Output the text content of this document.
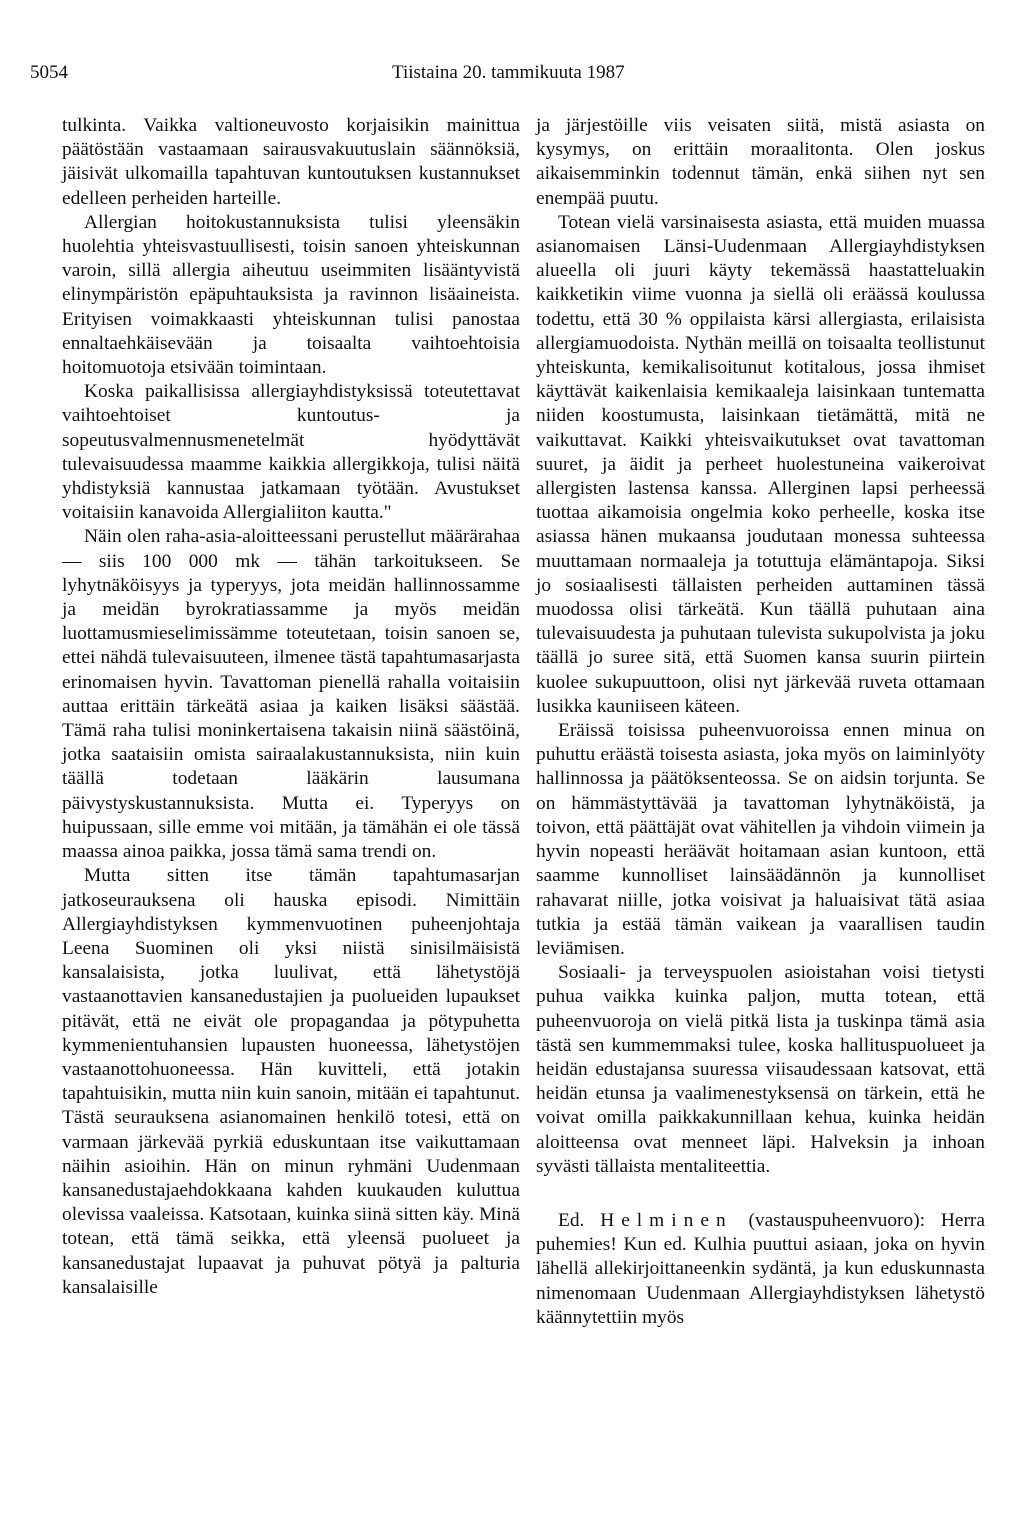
5054	Tiistaina 20. tammikuuta 1987

tulkinta. Vaikka valtioneuvosto korjaisikin mainittua päätöstään vastaamaan sairausvakuutuslain säännöksiä, jäisivät ulkomailla tapahtuvan kuntoutuksen kustannukset edelleen perheiden harteille.

Allergian hoitokustannuksista tulisi yleensäkin huolehtia yhteisvastuullisesti, toisin sanoen yhteiskunnan varoin, sillä allergia aiheutuu useimmiten lisääntyvistä elinympäristön epäpuhtauksista ja ravinnon lisäaineista. Erityisen voimakkaasti yhteiskunnan tulisi panostaa ennaltaehkäisevään ja toisaalta vaihtoehtoisia hoitomuotoja etsivään toimintaan.

Koska paikallisissa allergiayhdistyksissä toteutettavat vaihtoehtoiset kuntoutus- ja sopeutusvalmennusmenetelmät hyödyttävät tulevaisuudessa maamme kaikkia allergikkoja, tulisi näitä yhdistyksiä kannustaa jatkamaan työtään. Avustukset voitaisiin kanavoida Allergialiiton kautta."

Näin olen raha-asia-aloitteessani perustellut määrärahaa — siis 100 000 mk — tähän tarkoitukseen. Se lyhytnäköisyys ja typeryys, jota meidän hallinnossamme ja meidän byrokratiassamme ja myös meidän luottamusmieselimissämme toteutetaan, toisin sanoen se, ettei nähdä tulevaisuuteen, ilmenee tästä tapahtumasarjasta erinomaisen hyvin. Tavattoman pienellä rahalla voitaisiin auttaa erittäin tärkeätä asiaa ja kaiken lisäksi säästää. Tämä raha tulisi moninkertaisena takaisin niinä säästöinä, jotka saataisiin omista sairaalakustannuksista, niin kuin täällä todetaan lääkärin lausumana päivystyskustannuksista. Mutta ei. Typeryys on huipussaan, sille emme voi mitään, ja tämähän ei ole tässä maassa ainoa paikka, jossa tämä sama trendi on.

Mutta sitten itse tämän tapahtumasarjan jatkoseurauksena oli hauska episodi. Nimittäin Allergiayhdistyksen kymmenvuotinen puheenjohtaja Leena Suominen oli yksi niistä sinisilmäisistä kansalaisista, jotka luulivat, että lähetystöjä vastaanottavien kansanedustajien ja puolueiden lupaukset pitävät, että ne eivät ole propagandaa ja pötypuhetta kymmenientuhansien lupausten huoneessa, lähetystöjen vastaanottohuoneessa. Hän kuvitteli, että jotakin tapahtuisikin, mutta niin kuin sanoin, mitään ei tapahtunut. Tästä seurauksena asianomainen henkilö totesi, että on varmaan järkevää pyrkiä eduskuntaan itse vaikuttamaan näihin asioihin. Hän on minun ryhmäni Uudenmaan kansanedustajaehdokkaana kahden kuukauden kuluttua olevissa vaaleissa. Katsotaan, kuinka siinä sitten käy. Minä totean, että tämä seikka, että yleensä puolueet ja kansanedustajat lupaavat ja puhuvat pötyä ja palturia kansalaisille

ja järjestöille viis veisaten siitä, mistä asiasta on kysymys, on erittäin moraalitonta. Olen joskus aikaisemminkin todennut tämän, enkä siihen nyt sen enempää puutu.

Totean vielä varsinaisesta asiasta, että muiden muassa asianomaisen Länsi-Uudenmaan Allergiayhdistyksen alueella oli juuri käyty tekemässä haastatteluakin kaikketikin viime vuonna ja siellä oli eräässä koulussa todettu, että 30 % oppilaista kärsi allergiasta, erilaisista allergiamuodoista. Nythän meillä on toisaalta teollistunut yhteiskunta, kemikalisoitunut kotitalous, jossa ihmiset käyttävät kaikenlaisia kemikaaleja laisinkaan tuntematta niiden koostumusta, laisinkaan tietämättä, mitä ne vaikuttavat. Kaikki yhteisvaikutukset ovat tavattoman suuret, ja äidit ja perheet huolestuneina vaikeroivat allergisten lastensa kanssa. Allerginen lapsi perheessä tuottaa aikamoisia ongelmia koko perheelle, koska itse asiassa hänen mukaansa joudutaan monessa suhteessa muuttamaan normaaleja ja totuttuja elämäntapoja. Siksi jo sosiaalisesti tällaisten perheiden auttaminen tässä muodossa olisi tärkeätä. Kun täällä puhutaan aina tulevaisuudesta ja puhutaan tulevista sukupolvista ja joku täällä jo suree sitä, että Suomen kansa suurin piirtein kuolee sukupuuttoon, olisi nyt järkevää ruveta ottamaan lusikka kauniiseen käteen.

Eräissä toisissa puheenvuoroissa ennen minua on puhuttu eräästä toisesta asiasta, joka myös on laiminlyöty hallinnossa ja päätöksenteossa. Se on aidsin torjunta. Se on hämmästyttävää ja tavattoman lyhytnäköistä, ja toivon, että päättäjät ovat vähitellen ja vihdoin viimein ja hyvin nopeasti heräävät hoitamaan asian kuntoon, että saamme kunnolliset lainsäädännön ja kunnolliset rahavarat niille, jotka voisivat ja haluaisivat tätä asiaa tutkia ja estää tämän vaikean ja vaarallisen taudin leviämisen.

Sosiaali- ja terveyspuolen asioistahan voisi tietysti puhua vaikka kuinka paljon, mutta totean, että puheenvuoroja on vielä pitkä lista ja tuskinpa tämä asia tästä sen kummemmaksi tulee, koska hallituspuolueet ja heidän edustajansa suuressa viisaudessaan katsovat, että heidän etunsa ja vaalimenestyksensä on tärkein, että he voivat omilla paikkakunnillaan kehua, kuinka heidän aloitteensa ovat menneet läpi. Halveksin ja inhoan syvästi tällaista mentaliteettia.

Ed. Helminen (vastauspuheenvuoro): Herra puhemies! Kun ed. Kulhia puuttui asiaan, joka on hyvin lähellä allekirjoittaneenkin sydäntä, ja kun eduskunnasta nimenomaan Uudenmaan Allergiayhdistyksen lähetystö käännytettiin myös
